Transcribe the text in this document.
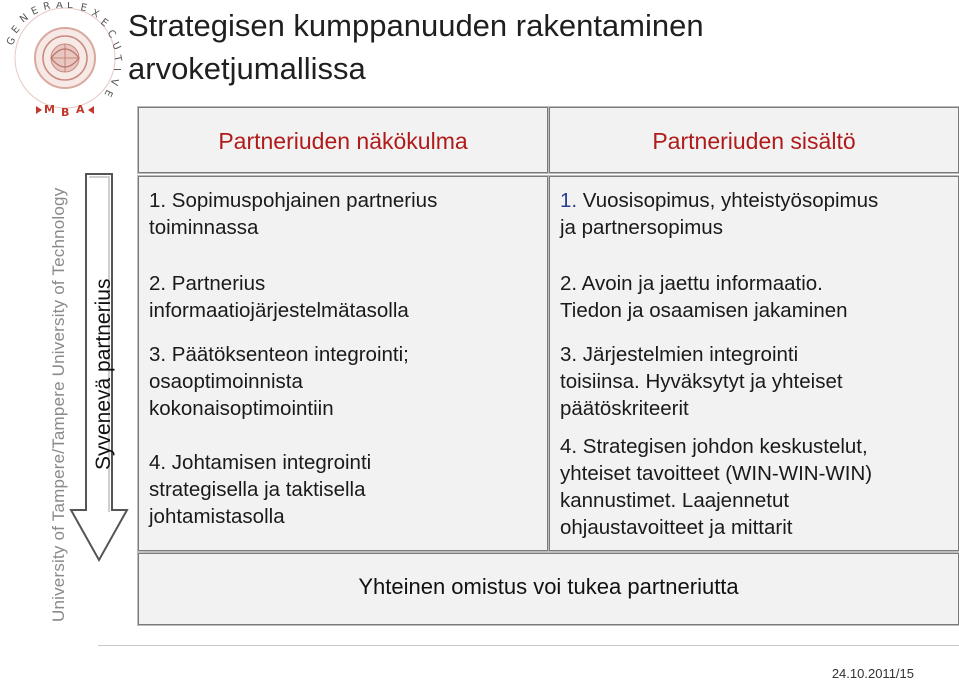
G
E
N
E R A L E X
E
C
U
T
I
V
E
M B A
Strategisen kumppanuuden rakentaminen
arvoketjumallissa
University of Tampere/Tampere University of Technology Syvenevä partnerius
Partneriuden näkökulma	Partneriuden sisältö
1. Sopimuspohjainen partnerius
toiminnassa
2. Partnerius
informaatiojärjestelmätasolla
3. Päätöksenteon integrointi;
osaoptimoinnista
kokonaisoptimointiin
4. Johtamisen integrointi
strategisella ja taktisella
johtamistasolla
1. Vuosisopimus, yhteistyösopimus
ja partnersopimus
2. Avoin ja jaettu informaatio.
Tiedon ja osaamisen jakaminen
3. Järjestelmien integrointi
toisiinsa. Hyväksytyt ja yhteiset
päätöskriteerit
4. Strategisen johdon keskustelut,
yhteiset tavoitteet (WIN-WIN-WIN)
kannustimet. Laajennetut
ohjaustavoitteet ja mittarit
Yhteinen omistus voi tukea partneriutta
24.10.2011/15
